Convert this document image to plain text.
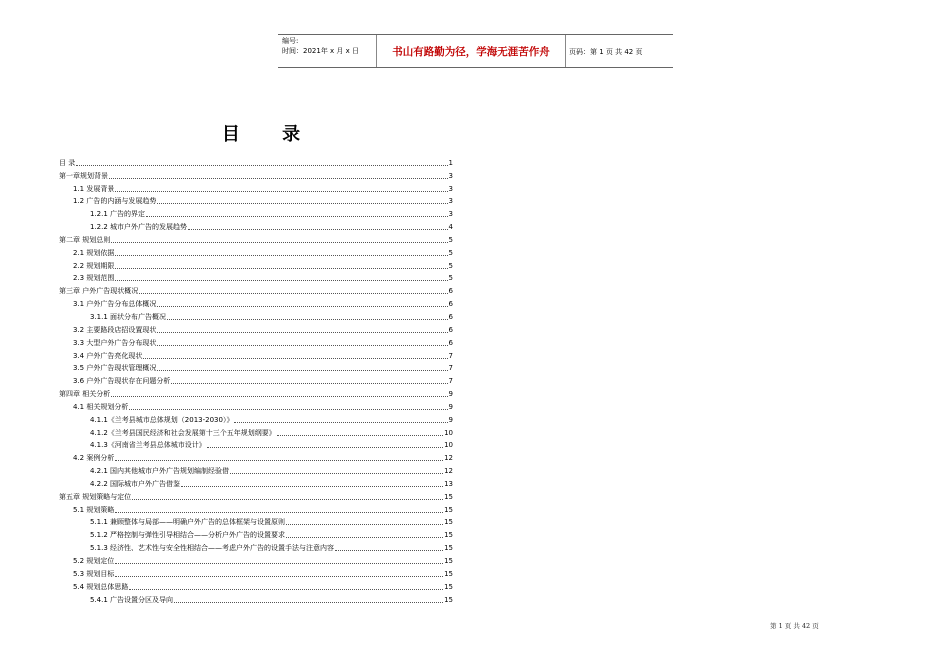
编号:
时间：2021年 x 月 x 日	书山有路勤为径，学海无涯苦作舟	页码：第 1 页 共 42 页
目 录
目 录	1
第一章规划背景	3
1.1 发展背景	3
1.2 广告的内涵与发展趋势	3
1.2.1 广告的界定	3
1.2.2 城市户外广告的发展趋势	4
第二章 规划总则	5
2.1 规划依据	5
2.2 规划期限	5
2.3 规划范围	5
第三章 户外广告现状概况	6
3.1 户外广告分布总体概况	6
3.1.1 面状分布广告概况	6
3.2 主要路段店招设置现状	6
3.3 大型户外广告分布现状	6
3.4 户外广告亮化现状	7
3.5 户外广告现状管理概况	7
3.6 户外广告现状存在问题分析	7
第四章 相关分析	9
4.1 相关规划分析	9
4.1.1《兰考县城市总体规划（2013-2030）》	9
4.1.2《兰考县国民经济和社会发展第十三个五年规划纲要》	10
4.1.3《河南省兰考县总体城市设计》	10
4.2 案例分析	12
4.2.1 国内其他城市户外广告规划编制经验借	12
4.2.2 国际城市户外广告借鉴	13
第五章 规划策略与定位	15
5.1 规划策略	15
5.1.1 兼顾整体与局部——明确户外广告的总体框架与设置原则	15
5.1.2 严格控制与弹性引导相结合——分析户外广告的设置要求	15
5.1.3 经济性、艺术性与安全性相结合——考虑户外广告的设置手法与注意内容	15
5.2 规划定位	15
5.3 规划目标	15
5.4 规划总体思路	15
5.4.1 广告设置分区及导向	15
第 1 页 共 42 页
